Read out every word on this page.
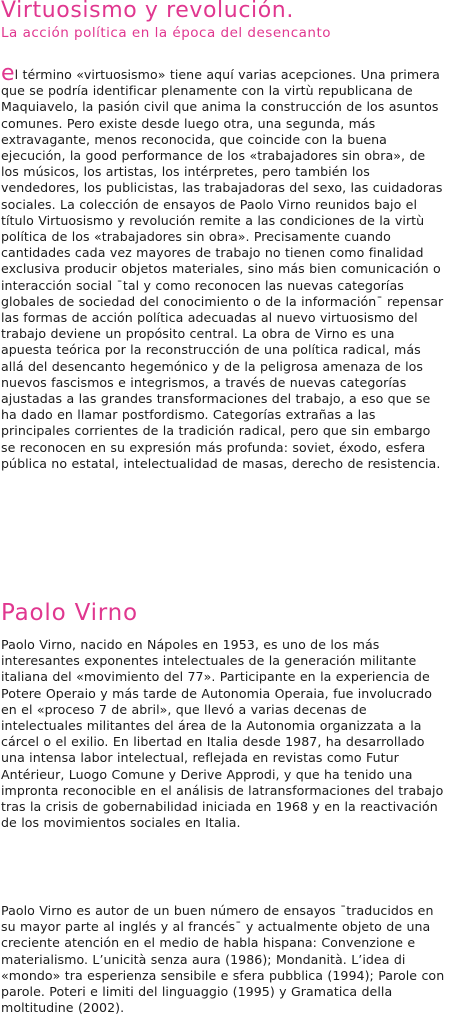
Virtuosismo y revolución.
La acción política en la época del desencanto

el término «virtuosismo» tiene aquí varias acepciones. Una primera que se podría identificar plenamente con la virtù republicana de Maquiavelo, la pasión civil que anima la construcción de los asuntos comunes. Pero existe desde luego otra, una segunda, más extravagante, menos reconocida, que coincide con la buena ejecución, la good performance de los «trabajadores sin obra», de los músicos, los artistas, los intérpretes, pero también los vendedores, los publicistas, las trabajadoras del sexo, las cuidadoras sociales. La colección de ensayos de Paolo Virno reunidos bajo el título Virtuosismo y revolución remite a las condiciones de la virtù política de los «trabajadores sin obra». Precisamente cuando cantidades cada vez mayores de trabajo no tienen como finalidad exclusiva producir objetos materiales, sino más bien comunicación o interacción social ¯tal y como reconocen las nuevas categorías globales de sociedad del conocimiento o de la información¯ repensar las formas de acción política adecuadas al nuevo virtuosismo del trabajo deviene un propósito central. La obra de Virno es una apuesta teórica por la reconstrucción de una política radical, más allá del desencanto hegemónico y de la peligrosa amenaza de los nuevos fascismos e integrismos, a través de nuevas categorías ajustadas a las grandes transformaciones del trabajo, a eso que se ha dado en llamar postfordismo. Categorías extrañas a las principales corrientes de la tradición radical, pero que sin embargo se reconocen en su expresión más profunda: soviet, éxodo, esfera pública no estatal, intelectualidad de masas, derecho de resistencia.

Paolo Virno

Paolo Virno, nacido en Nápoles en 1953, es uno de los más interesantes exponentes intelectuales de la generación militante italiana del «movimiento del 77». Participante en la experiencia de Potere Operaio y más tarde de Autonomia Operaia, fue involucrado en el «proceso 7 de abril», que llevó a varias decenas de intelectuales militantes del área de la Autonomia organizzata a la cárcel o el exilio. En libertad en Italia desde 1987, ha desarrollado una intensa labor intelectual, reflejada en revistas como Futur Antérieur, Luogo Comune y Derive Approdi, y que ha tenido una impronta reconocible en el análisis de latransformaciones del trabajo tras la crisis de gobernabilidad iniciada en 1968 y en la reactivación de los movimientos sociales en Italia.

Paolo Virno es autor de un buen número de ensayos ¯traducidos en su mayor parte al inglés y al francés¯ y actualmente objeto de una creciente atención en el medio de habla hispana: Convenzione e materialismo. L’unicità senza aura (1986); Mondanità. L’idea di «mondo» tra esperienza sensibile e sfera pubblica (1994); Parole con parole. Poteri e limiti del linguaggio (1995) y Gramatica della moltitudine (2002).
